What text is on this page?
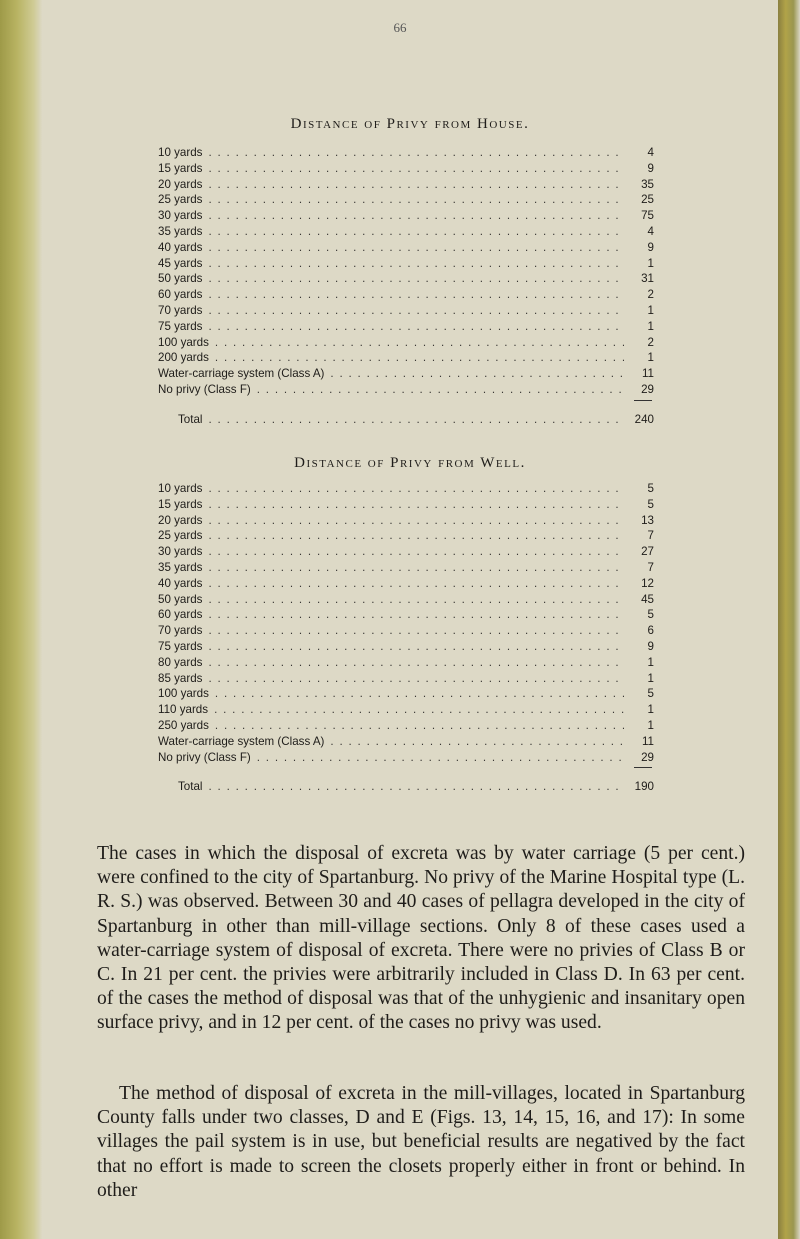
66
Distance of Privy from House.
10 yards . . .	4
15 yards . . .	9
20 yards . . .	35
25 yards . . .	25
30 yards . . .	75
35 yards . . .	4
40 yards . . .	9
45 yards . . .	1
50 yards . . .	31
60 yards . . .	2
70 yards . . .	1
75 yards . . .	1
100 yards . . .	2
200 yards . . .	1
Water-carriage system (Class A) . . .	11
No privy (Class F) . . .	29
Total . . .	240
Distance of Privy from Well.
10 yards . . .	5
15 yards . . .	5
20 yards . . .	13
25 yards . . .	7
30 yards . . .	27
35 yards . . .	7
40 yards . . .	12
50 yards . . .	45
60 yards . . .	5
70 yards . . .	6
75 yards . . .	9
80 yards . . .	1
85 yards . . .	1
100 yards . . .	5
110 yards . . .	1
250 yards . . .	1
Water-carriage system (Class A) . . .	11
No privy (Class F) . . .	29
Total . . .	190

The cases in which the disposal of excreta was by water carriage (5 per cent.) were confined to the city of Spartanburg. No privy of the Marine Hospital type (L. R. S.) was observed. Between 30 and 40 cases of pellagra developed in the city of Spartanburg in other than mill-village sections. Only 8 of these cases used a water-carriage system of disposal of excreta. There were no privies of Class B or C. In 21 per cent. the privies were arbitrarily included in Class D. In 63 per cent. of the cases the method of disposal was that of the unhygienic and insanitary open surface privy, and in 12 per cent. of the cases no privy was used.

The method of disposal of excreta in the mill-villages, located in Spartanburg County falls under two classes, D and E (Figs. 13, 14, 15, 16, and 17): In some villages the pail system is in use, but beneficial results are negatived by the fact that no effort is made to screen the closets properly either in front or behind. In other
